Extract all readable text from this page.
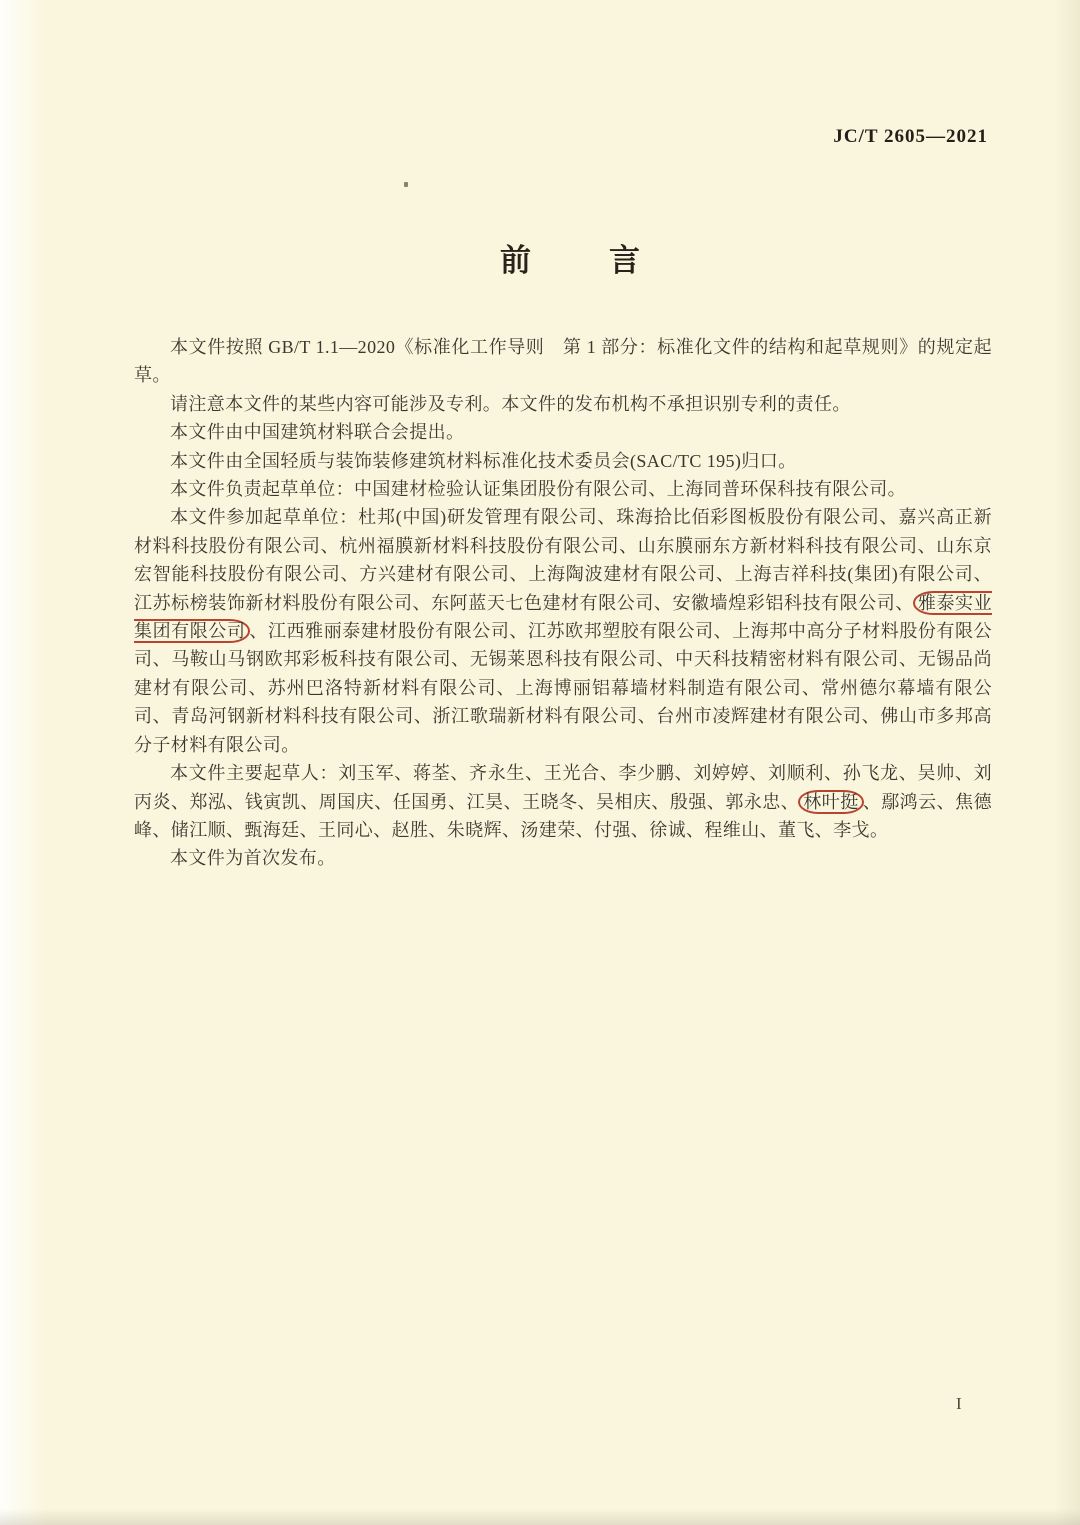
JC/T 2605—2021
前	言

本文件按照 GB/T 1.1—2020《标准化工作导则　第 1 部分：标准化文件的结构和起草规则》的规定起草。

请注意本文件的某些内容可能涉及专利。本文件的发布机构不承担识别专利的责任。

本文件由中国建筑材料联合会提出。

本文件由全国轻质与装饰装修建筑材料标准化技术委员会(SAC/TC 195)归口。

本文件负责起草单位：中国建材检验认证集团股份有限公司、上海同普环保科技有限公司。

本文件参加起草单位：杜邦(中国)研发管理有限公司、珠海拾比佰彩图板股份有限公司、嘉兴高正新材料科技股份有限公司、杭州福膜新材料科技股份有限公司、山东膜丽东方新材料科技有限公司、山东京宏智能科技股份有限公司、方兴建材有限公司、上海陶波建材有限公司、上海吉祥科技(集团)有限公司、江苏标榜装饰新材料股份有限公司、东阿蓝天七色建材有限公司、安徽墙煌彩铝科技有限公司、 雅泰实业集团有限公司 、江西雅丽泰建材股份有限公司、江苏欧邦塑胶有限公司、上海邦中高分子材料股份有限公司、马鞍山马钢欧邦彩板科技有限公司、无锡莱恩科技有限公司、中天科技精密材料有限公司、无锡品尚建材有限公司、苏州巴洛特新材料有限公司、上海博丽铝幕墙材料制造有限公司、常州德尔幕墙有限公司、青岛河钢新材料科技有限公司、浙江歌瑞新材料有限公司、台州市凌辉建材有限公司、佛山市多邦高分子材料有限公司。

本文件主要起草人：刘玉军、蒋荃、齐永生、王光合、李少鹏、刘婷婷、刘顺利、孙飞龙、吴帅、刘丙炎、郑泓、钱寅凯、周国庆、任国勇、江昊、王晓冬、吴相庆、殷强、郭永忠、 林叶挺 、鄢鸿云、焦德峰、储江顺、甄海廷、王同心、赵胜、朱晓辉、汤建荣、付强、徐诚、程维山、董飞、李戈。

本文件为首次发布。

I
